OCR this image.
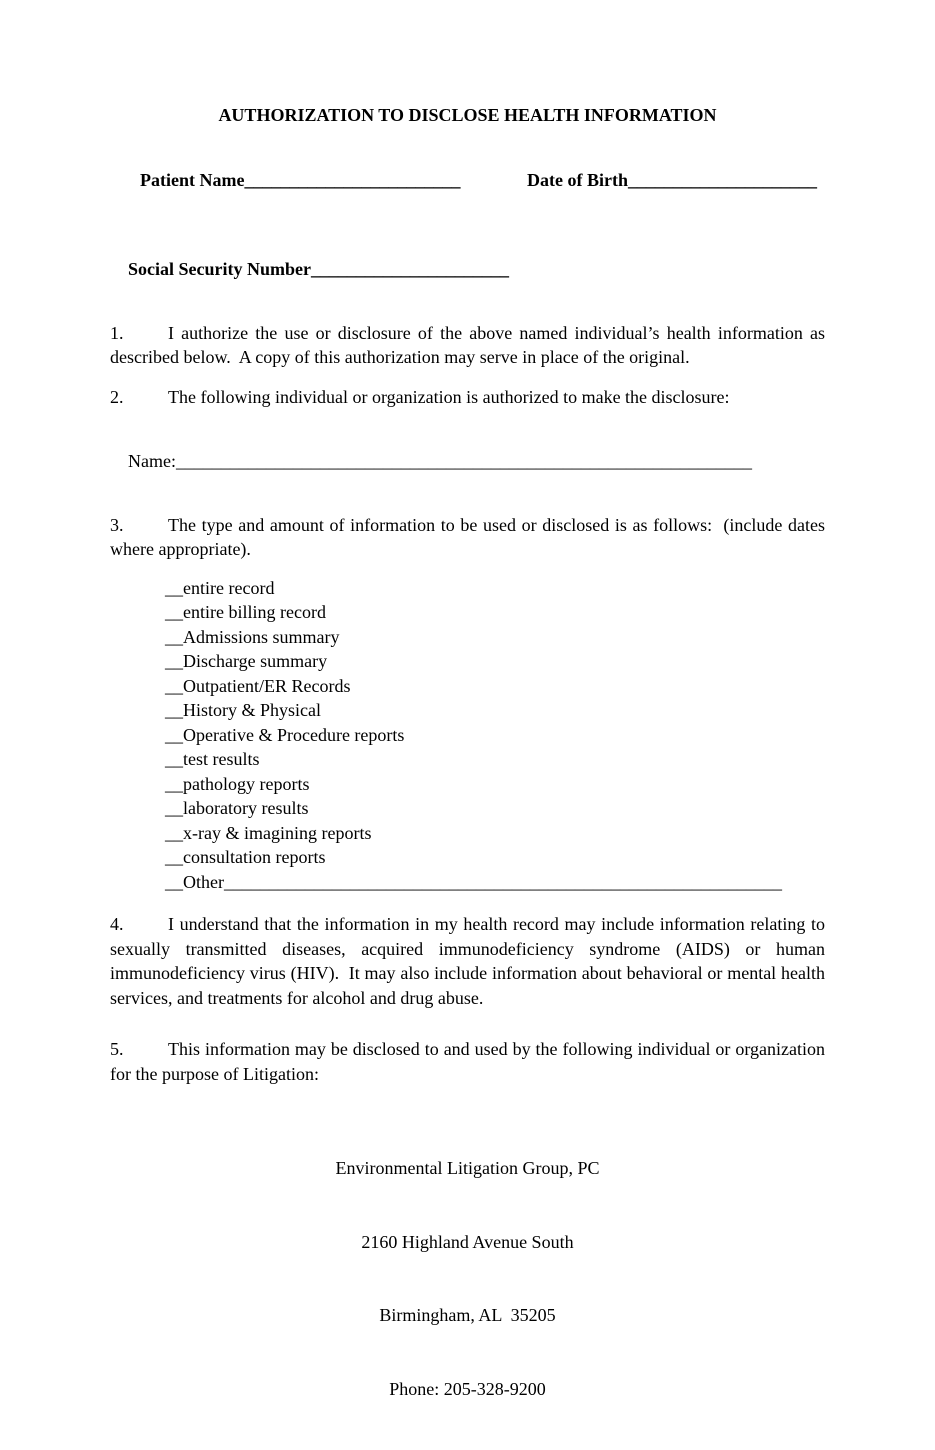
AUTHORIZATION TO DISCLOSE HEALTH INFORMATION

Patient Name________________________
	Date of Birth_____________________

Social Security Number______________________

1. I authorize the use or disclosure of the above named individual’s health information as described below.  A copy of this authorization may serve in place of the original.

2. The following individual or organization is authorized to make the disclosure:

Name:________________________________________________________________

3. The type and amount of information to be used or disclosed is as follows:  (include dates where appropriate).

__entire record
__entire billing record
__Admissions summary
__Discharge summary
__Outpatient/ER Records
__History & Physical
__Operative & Procedure reports
__test results
__pathology reports
__laboratory results
__x-ray & imagining reports
__consultation reports
__Other______________________________________________________________

4. I understand that the information in my health record may include information relating to sexually transmitted diseases, acquired immunodeficiency syndrome (AIDS) or human immunodeficiency virus (HIV).  It may also include information about behavioral or mental health services, and treatments for alcohol and drug abuse.

5. This information may be disclosed to and used by the following individual or organization for the purpose of Litigation:

Environmental Litigation Group, PC

2160 Highland Avenue South

Birmingham, AL  35205

Phone: 205-328-9200
